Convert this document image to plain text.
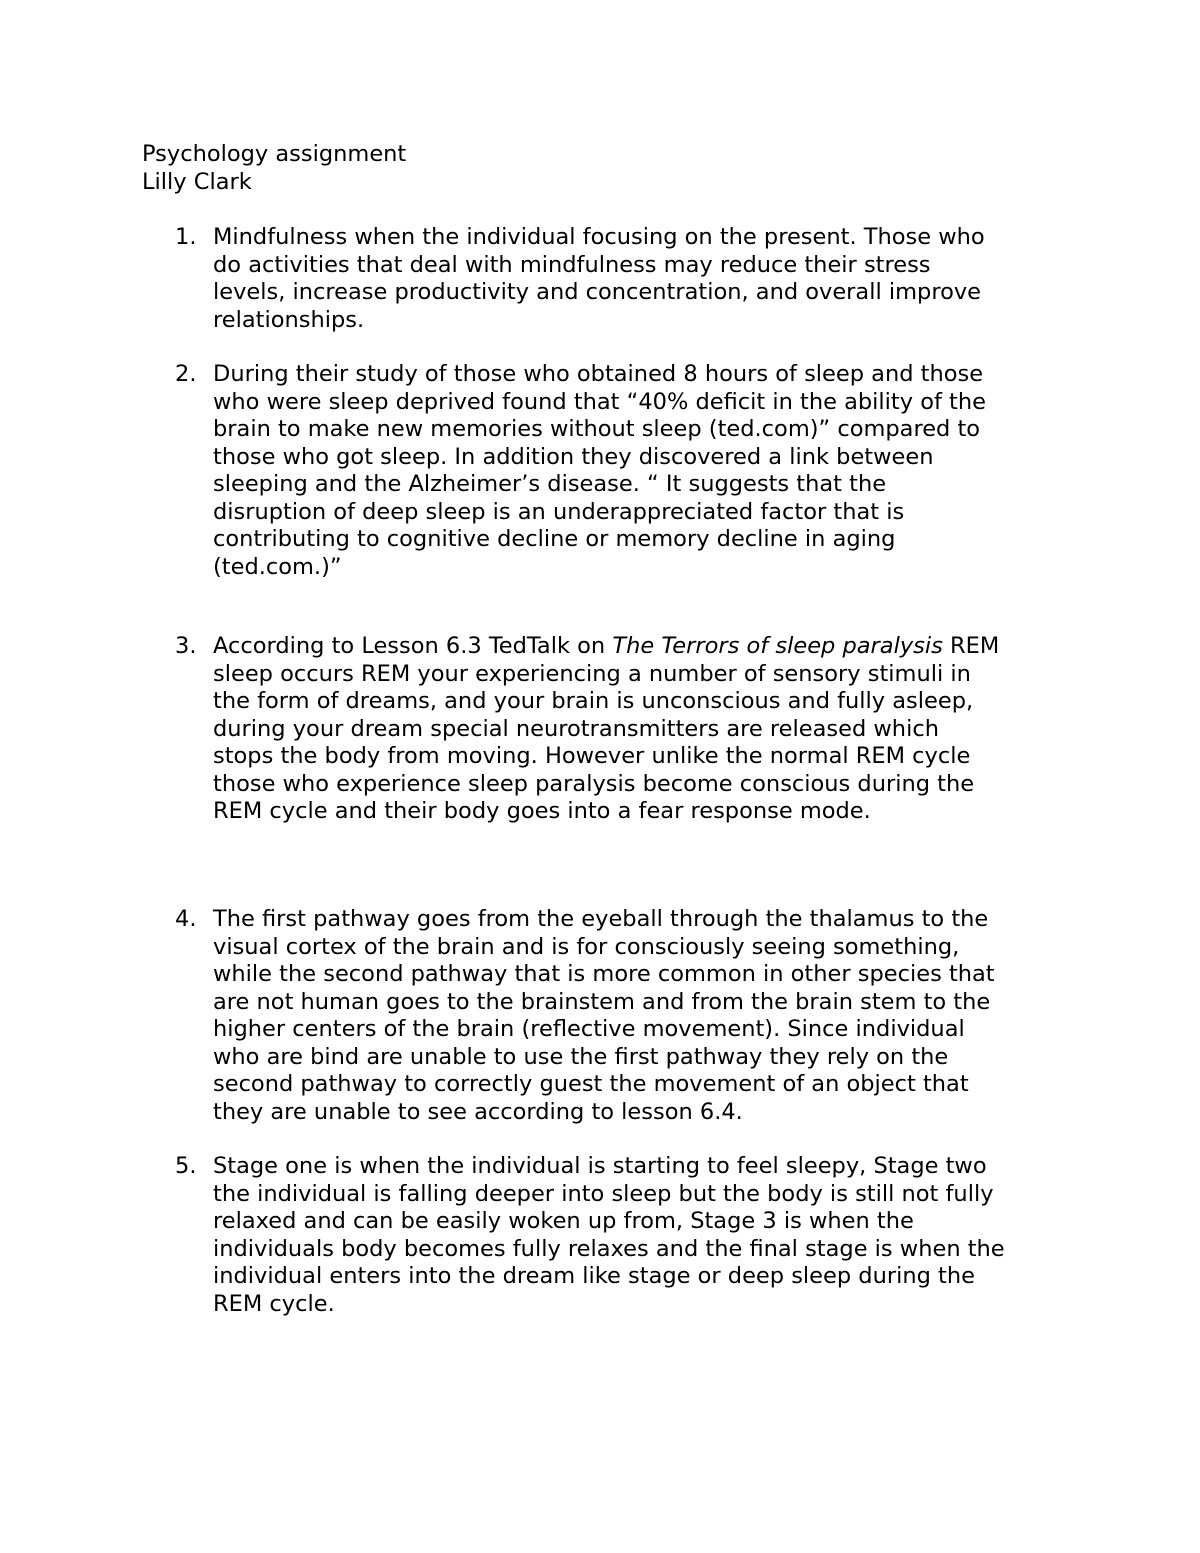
Psychology assignment
Lilly Clark
1. Mindfulness when the individual focusing on the present. Those who
do activities that deal with mindfulness may reduce their stress
levels, increase productivity and concentration, and overall improve
relationships.
2. During their study of those who obtained 8 hours of sleep and those
who were sleep deprived found that “40% deficit in the ability of the
brain to make new memories without sleep (ted.com)” compared to
those who got sleep. In addition they discovered a link between
sleeping and the Alzheimer’s disease. “ It suggests that the
disruption of deep sleep is an underappreciated factor that is
contributing to cognitive decline or memory decline in aging
(ted.com.)”
3. According to Lesson 6.3 TedTalk on The Terrors of sleep paralysis REM
sleep occurs REM your experiencing a number of sensory stimuli in
the form of dreams, and your brain is unconscious and fully asleep,
during your dream special neurotransmitters are released which
stops the body from moving. However unlike the normal REM cycle
those who experience sleep paralysis become conscious during the
REM cycle and their body goes into a fear response mode.
4. The first pathway goes from the eyeball through the thalamus to the
visual cortex of the brain and is for consciously seeing something,
while the second pathway that is more common in other species that
are not human goes to the brainstem and from the brain stem to the
higher centers of the brain (reflective movement). Since individual
who are bind are unable to use the first pathway they rely on the
second pathway to correctly guest the movement of an object that
they are unable to see according to lesson 6.4.
5. Stage one is when the individual is starting to feel sleepy, Stage two
the individual is falling deeper into sleep but the body is still not fully
relaxed and can be easily woken up from, Stage 3 is when the
individuals body becomes fully relaxes and the final stage is when the
individual enters into the dream like stage or deep sleep during the
REM cycle.
